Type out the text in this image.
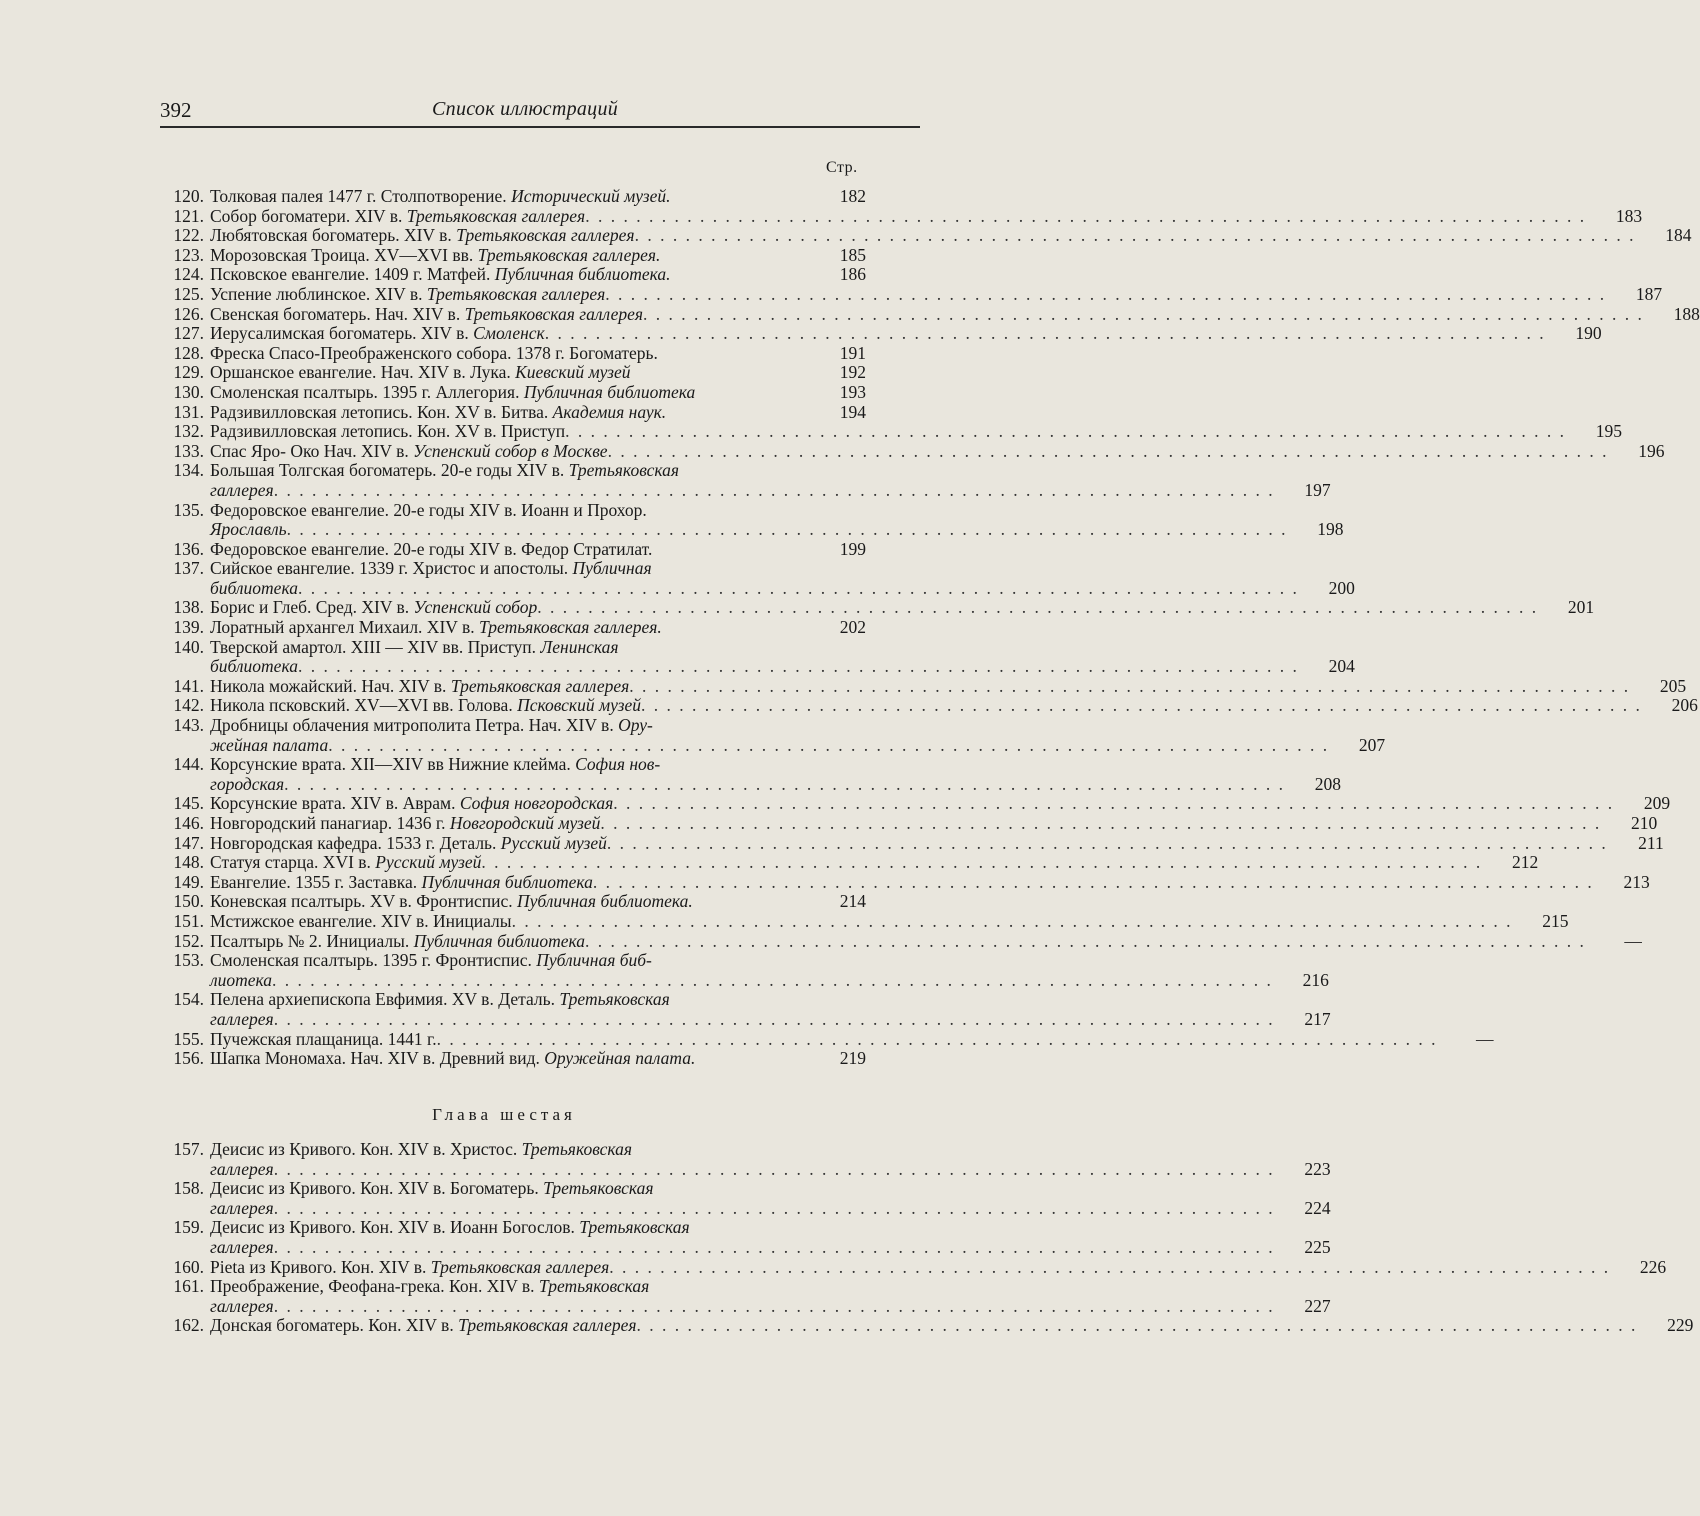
392	Список иллюстраций
Стр.
120. Толковая палея 1477 г. Столпотворение. Исторический музей.	182
121. Собор богоматери. XIV в. Третьяковская галлерея . . .	183
122. Любятовская богоматерь. XIV в. Третьяковская галлерея . . .	184
123. Морозовская Троица. XV—XVI вв. Третьяковская галлерея.	185
124. Псковское евангелие. 1409 г. Матфей. Публичная библиотека.	186
125. Успение люблинское. XIV в. Третьяковская галлерея . . .	187
126. Свенская богоматерь. Нач. XIV в. Третьяковская галлерея . . .	188
127. Иерусалимская богоматерь. XIV в. Смоленск . . .	190
128. Фреска Спасо-Преображенского собора. 1378 г. Богоматерь.	191
129. Оршанское евангелие. Нач. XIV в. Лука. Киевский музей	192
130. Смоленская псалтырь. 1395 г. Аллегория. Публичная библиотека	193
131. Радзивилловская летопись. Кон. XV в. Битва. Академия наук.	194
132. Радзивилловская летопись. Кон. XV в. Приступ . . .	195
133. Спас Яро- Око Нач. XIV в. Успенский собор в Москве . . .	196
134. Большая Толгская богоматерь. 20-е годы XIV в. Третьяковская
галлерея . . .	197
135. Федоровское евангелие. 20-е годы XIV в. Иоанн и Прохор.
Ярославль . . .	198
136. Федоровское евангелие. 20-е годы XIV в. Федор Стратилат.	199
137. Сийское евангелие. 1339 г. Христос и апостолы. Публичная
библиотека . . .	200
138. Борис и Глеб. Сред. XIV в. Успенский собор . . .	201
139. Лоратный архангел Михаил. XIV в. Третьяковская галлерея.	202
140. Тверской амартол. XIII — XIV вв. Приступ. Ленинская
библиотека . . .	204
141. Никола можайский. Нач. XIV в. Третьяковская галлерея . . .	205
142. Никола псковский. XV—XVI вв. Голова. Псковский музей . . .	206
143. Дробницы облачения митрополита Петра. Нач. XIV в. Ору-
жейная палата . . .	207
144. Корсунские врата. XII—XIV вв Нижние клейма. София нов-
городская . . .	208
145. Корсунские врата. XIV в. Аврам. София новгородская . . .	209
146. Новгородский панагиар. 1436 г. Новгородский музей . . .	210
147. Новгородская кафедра. 1533 г. Деталь. Русский музей . . .	211
148. Статуя старца. XVI в. Русский музей . . .	212
149. Евангелие. 1355 г. Заставка. Публичная библиотека . . .	213
150. Коневская псалтырь. XV в. Фронтиспис. Публичная библиотека.	214
151. Мстижское евангелие. XIV в. Инициалы . . .	215
152. Псалтырь № 2. Инициалы. Публичная библиотека . . .	—
153. Смоленская псалтырь. 1395 г. Фронтиспис. Публичная биб-
лиотека . . .	216
154. Пелена архиепископа Евфимия. XV в. Деталь. Третьяковская
галлерея . . .	217
155. Пучежская плащаница. 1441 г. . . .	—
156. Шапка Мономаха. Нач. XIV в. Древний вид. Оружейная палата.	219
Глава шестая
157. Деисис из Кривого. Кон. XIV в. Христос. Третьяковская
галлерея . . .	223
158. Деисис из Кривого. Кон. XIV в. Богоматерь. Третьяковская
галлерея . . .	224
159. Деисис из Кривого. Кон. XIV в. Иоанн Богослов. Третьяковская
галлерея . . .	225
160. Pieta из Кривого. Кон. XIV в. Третьяковская галлерея . . .	226
161. Преображение, Феофана-грека. Кон. XIV в. Третьяковская
галлерея . . .	227
162. Донская богоматерь. Кон. XIV в. Третьяковская галлерея . . .	229
